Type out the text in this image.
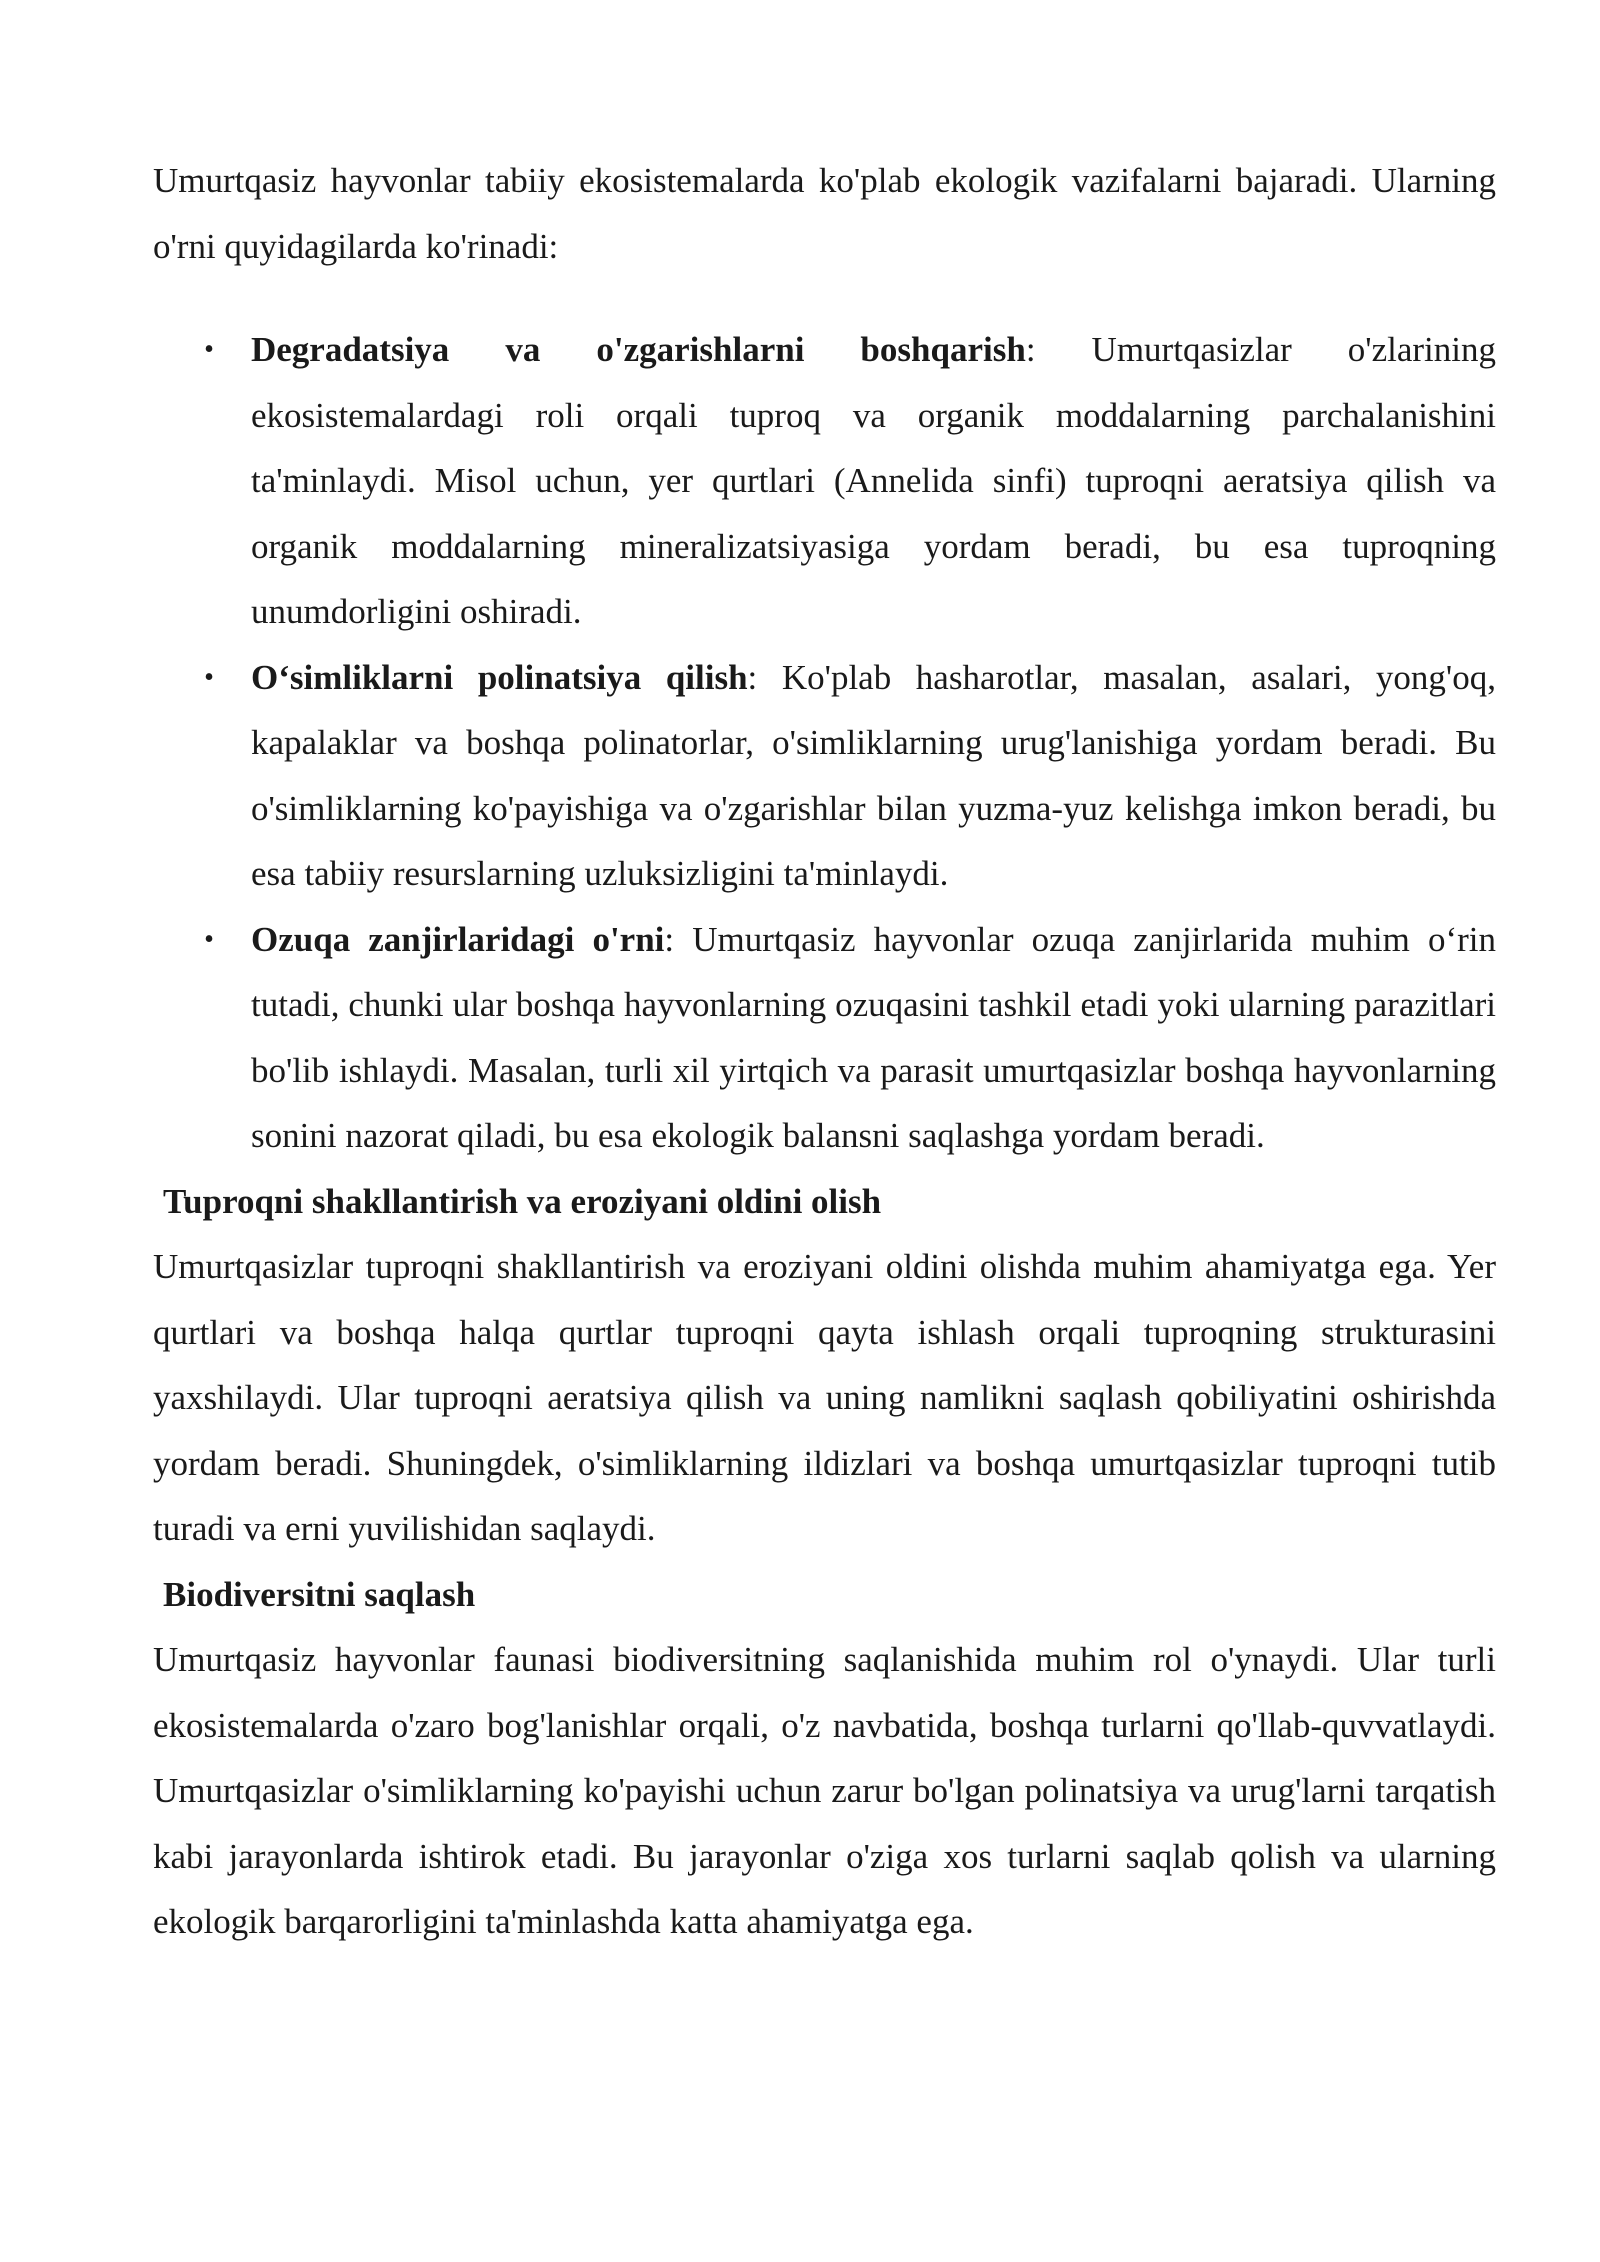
Umurtqasiz hayvonlar tabiiy ekosistemalarda ko'plab ekologik vazifalarni bajaradi. Ularning o'rni quyidagilarda ko'rinadi:

• Degradatsiya va o'zgarishlarni boshqarish: Umurtqasizlar o'zlarining ekosistemalardagi roli orqali tuproq va organik moddalarning parchalanishini ta'minlaydi. Misol uchun, yer qurtlari (Annelida sinfi) tuproqni aeratsiya qilish va organik moddalarning mineralizatsiyasiga yordam beradi, bu esa tuproqning unumdorligini oshiradi.
• O‘simliklarni polinatsiya qilish: Ko'plab hasharotlar, masalan, asalari, yong'oq, kapalaklar va boshqa polinatorlar, o'simliklarning urug'lanishiga yordam beradi. Bu o'simliklarning ko'payishiga va o'zgarishlar bilan yuzma-yuz kelishga imkon beradi, bu esa tabiiy resurslarning uzluksizligini ta'minlaydi.
• Ozuqa zanjirlaridagi o'rni: Umurtqasiz hayvonlar ozuqa zanjirlarida muhim o‘rin tutadi, chunki ular boshqa hayvonlarning ozuqasini tashkil etadi yoki ularning parazitlari bo'lib ishlaydi. Masalan, turli xil yirtqich va parasit umurtqasizlar boshqa hayvonlarning sonini nazorat qiladi, bu esa ekologik balansni saqlashga yordam beradi.

Tuproqni shakllantirish va eroziyani oldini olish

Umurtqasizlar tuproqni shakllantirish va eroziyani oldini olishda muhim ahamiyatga ega. Yer qurtlari va boshqa halqa qurtlar tuproqni qayta ishlash orqali tuproqning strukturasini yaxshilaydi. Ular tuproqni aeratsiya qilish va uning namlikni saqlash qobiliyatini oshirishda yordam beradi. Shuningdek, o'simliklarning ildizlari va boshqa umurtqasizlar tuproqni tutib turadi va erni yuvilishidan saqlaydi.

Biodiversitni saqlash

Umurtqasiz hayvonlar faunasi biodiversitning saqlanishida muhim rol o'ynaydi. Ular turli ekosistemalarda o'zaro bog'lanishlar orqali, o'z navbatida, boshqa turlarni qo'llab-quvvatlaydi. Umurtqasizlar o'simliklarning ko'payishi uchun zarur bo'lgan polinatsiya va urug'larni tarqatish kabi jarayonlarda ishtirok etadi. Bu jarayonlar o'ziga xos turlarni saqlab qolish va ularning ekologik barqarorligini ta'minlashda katta ahamiyatga ega.
